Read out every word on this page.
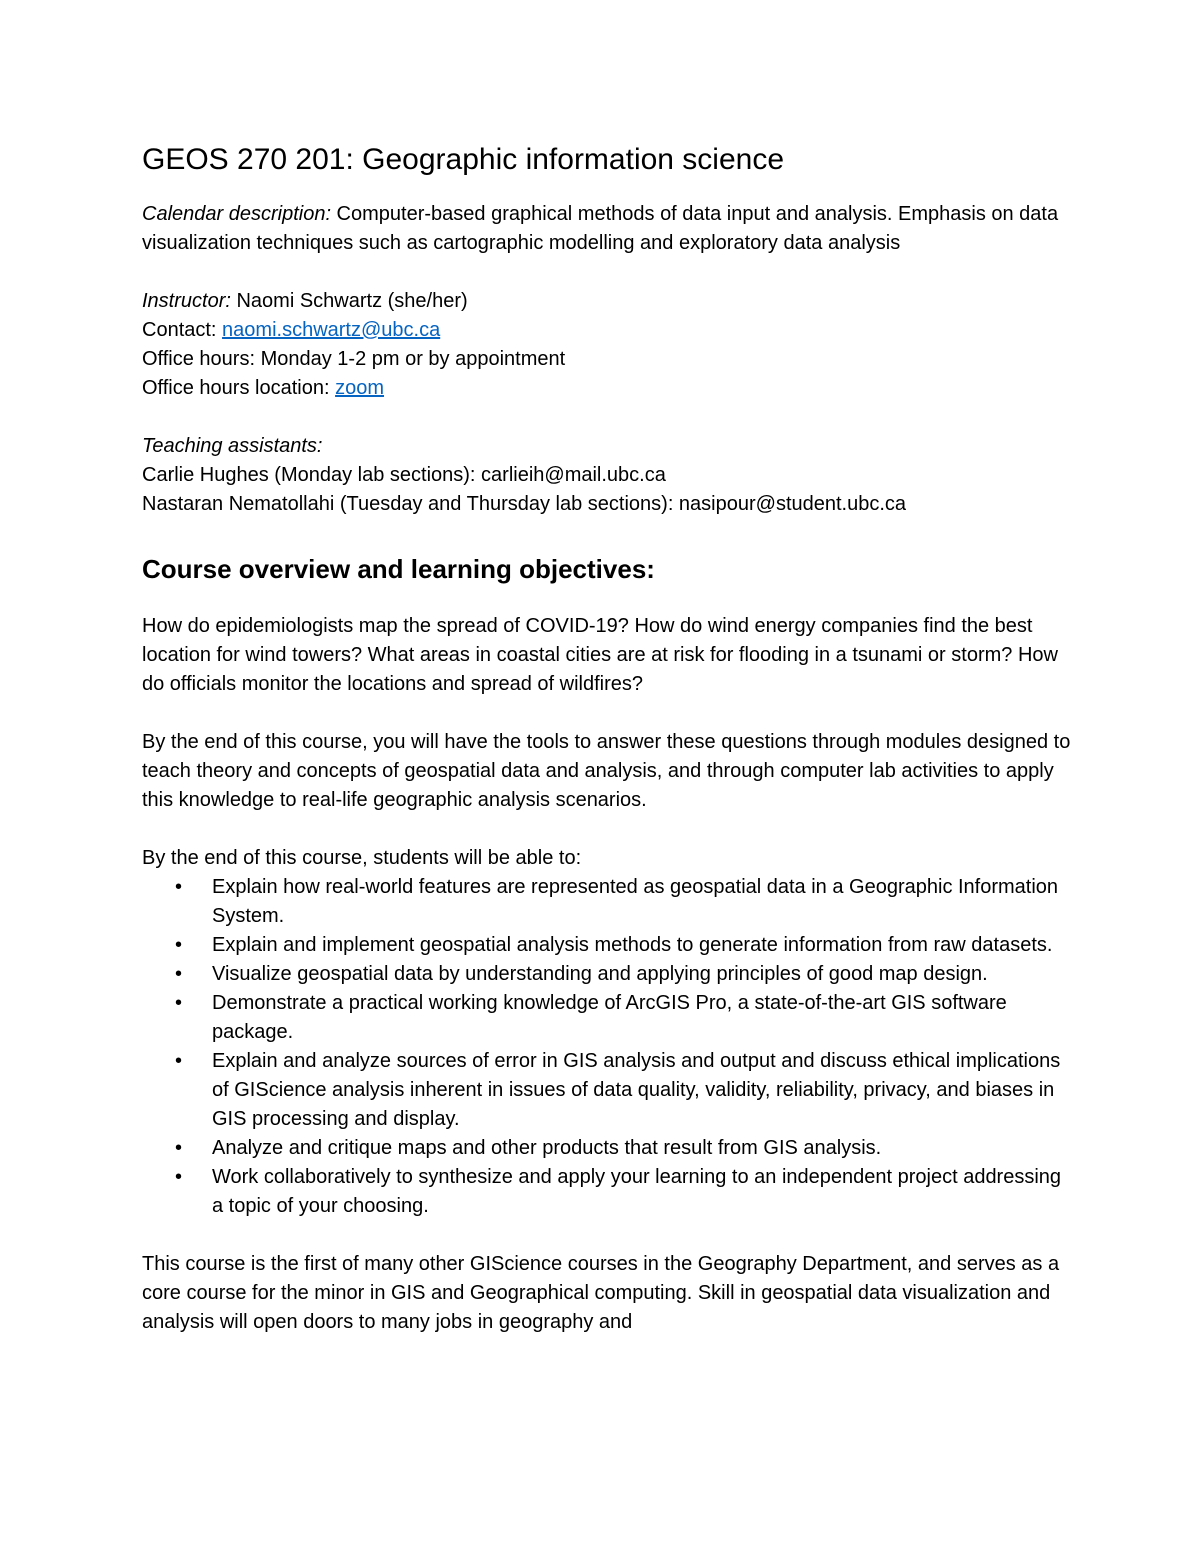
GEOS 270 201: Geographic information science

Calendar description: Computer-based graphical methods of data input and analysis. Emphasis on data visualization techniques such as cartographic modelling and exploratory data analysis

Instructor: Naomi Schwartz (she/her)

Contact: naomi.schwartz@ubc.ca

Office hours: Monday 1-2 pm or by appointment

Office hours location: zoom

Teaching assistants:

Carlie Hughes (Monday lab sections): carlieih@mail.ubc.ca

Nastaran Nematollahi (Tuesday and Thursday lab sections): nasipour@student.ubc.ca

Course overview and learning objectives:

How do epidemiologists map the spread of COVID-19? How do wind energy companies find the best location for wind towers? What areas in coastal cities are at risk for flooding in a tsunami or storm? How do officials monitor the locations and spread of wildfires?

By the end of this course, you will have the tools to answer these questions through modules designed to teach theory and concepts of geospatial data and analysis, and through computer lab activities to apply this knowledge to real-life geographic analysis scenarios.

By the end of this course, students will be able to:

• Explain how real-world features are represented as geospatial data in a Geographic Information System.
• Explain and implement geospatial analysis methods to generate information from raw datasets.
• Visualize geospatial data by understanding and applying principles of good map design.
• Demonstrate a practical working knowledge of ArcGIS Pro, a state-of-the-art GIS software package.
• Explain and analyze sources of error in GIS analysis and output and discuss ethical implications of GIScience analysis inherent in issues of data quality, validity, reliability, privacy, and biases in GIS processing and display.
• Analyze and critique maps and other products that result from GIS analysis.
• Work collaboratively to synthesize and apply your learning to an independent project addressing a topic of your choosing.

This course is the first of many other GIScience courses in the Geography Department, and serves as a core course for the minor in GIS and Geographical computing. Skill in geospatial data visualization and analysis will open doors to many jobs in geography and
